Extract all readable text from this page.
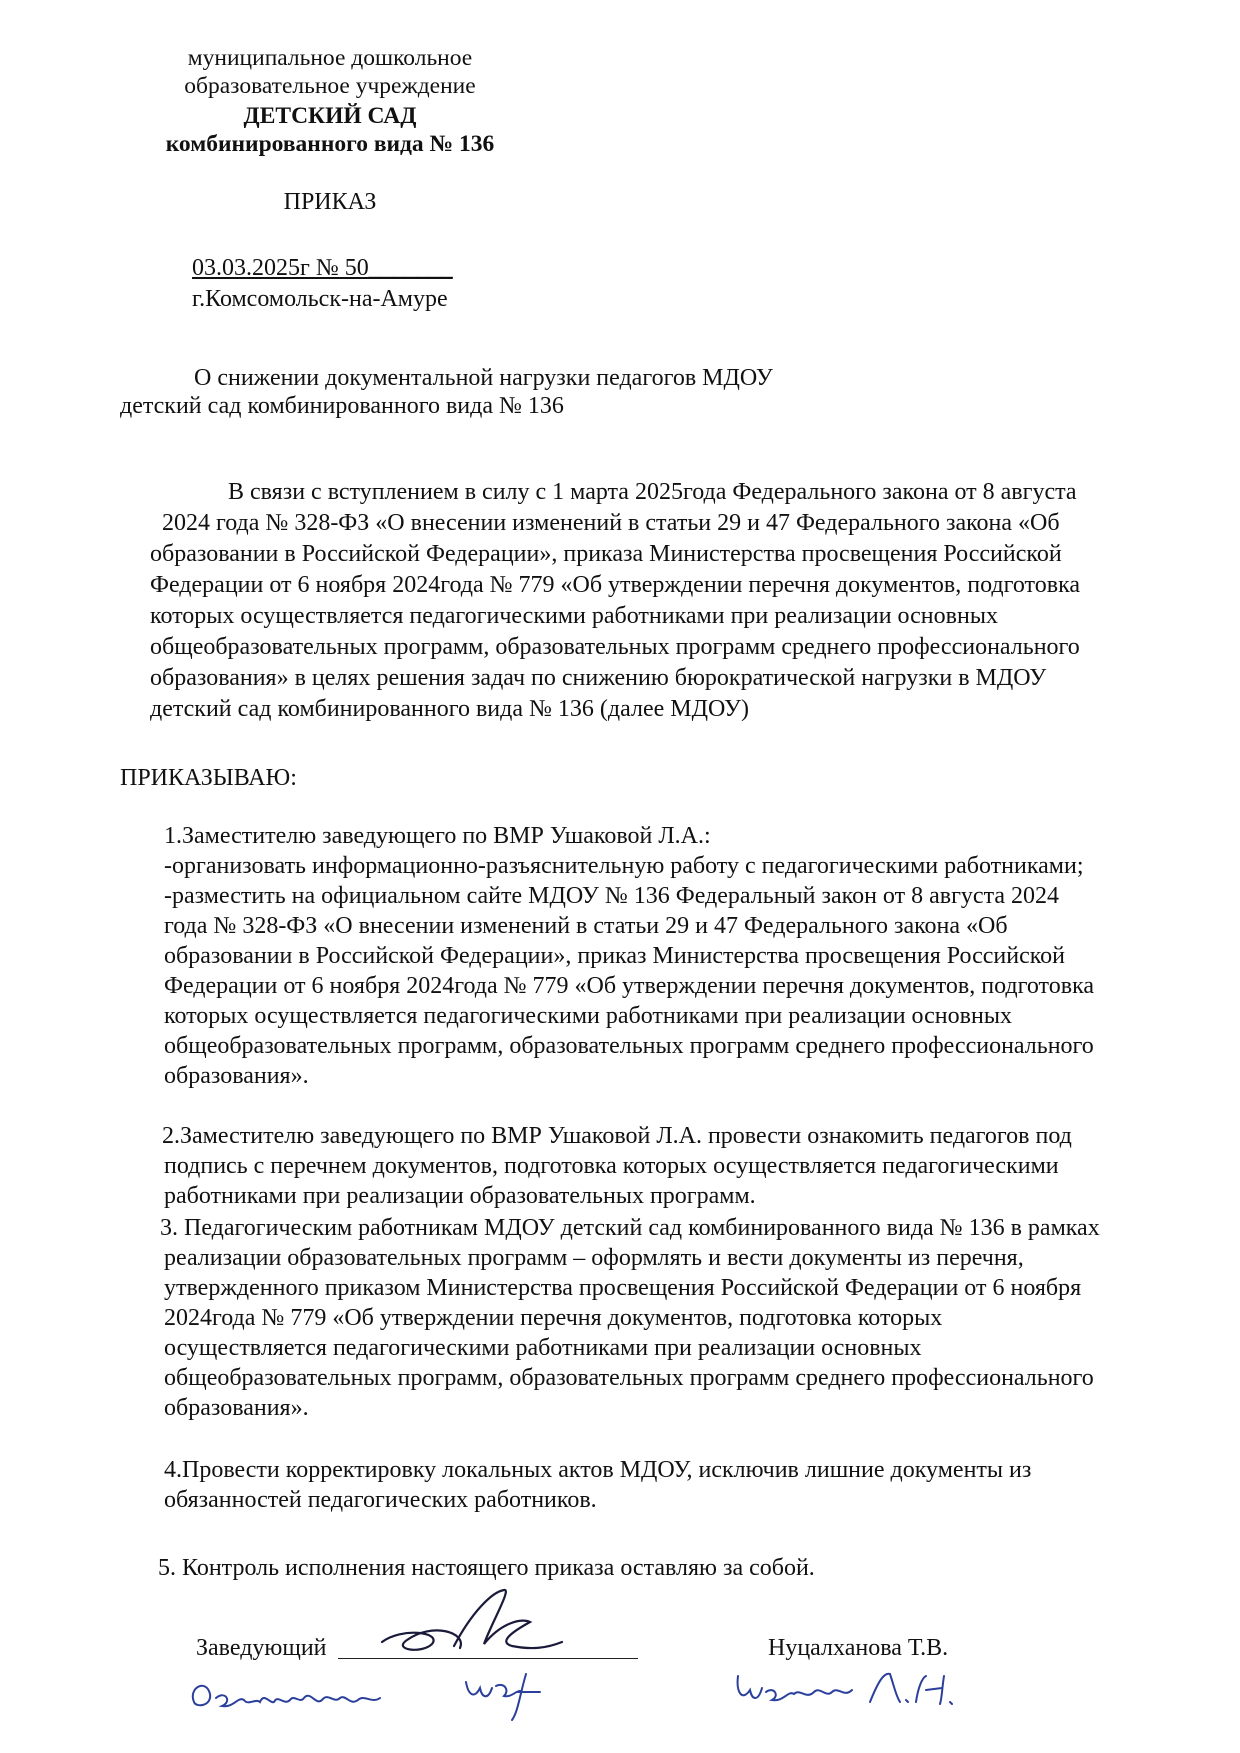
муниципальное дошкольное
образовательное учреждение
ДЕТСКИЙ САД
комбинированного вида № 136
ПРИКАЗ
03.03.2025г № 50_______
г.Комсомольск-на-Амуре
О снижении документальной нагрузки педагогов МДОУ
детский сад комбинированного вида № 136
В связи с вступлением в силу с 1 марта 2025года Федерального закона от 8 августа
2024 года № 328-ФЗ «О внесении изменений в статьи 29 и 47 Федерального закона «Об
образовании в Российской Федерации», приказа Министерства просвещения Российской
Федерации от 6 ноября 2024года № 779 «Об утверждении перечня документов, подготовка
которых осуществляется педагогическими работниками при реализации основных
общеобразовательных программ, образовательных программ среднего профессионального
образования» в целях решения задач по снижению бюрократической нагрузки в МДОУ
детский сад комбинированного вида № 136 (далее МДОУ)
ПРИКАЗЫВАЮ:
1.Заместителю заведующего по ВМР Ушаковой Л.А.:
-организовать информационно-разъяснительную работу с педагогическими работниками;
-разместить на официальном сайте МДОУ № 136 Федеральный закон от 8 августа 2024
года № 328-ФЗ «О внесении изменений в статьи 29 и 47 Федерального закона «Об
образовании в Российской Федерации», приказ Министерства просвещения Российской
Федерации от 6 ноября 2024года № 779 «Об утверждении перечня документов, подготовка
которых осуществляется педагогическими работниками при реализации основных
общеобразовательных программ, образовательных программ среднего профессионального
образования».
2.Заместителю заведующего по ВМР Ушаковой Л.А. провести ознакомить педагогов под
подпись с перечнем документов, подготовка которых осуществляется педагогическими
работниками при реализации образовательных программ.
3. Педагогическим работникам МДОУ детский сад комбинированного вида № 136 в рамках
реализации образовательных программ – оформлять и вести документы из перечня,
утвержденного приказом Министерства просвещения Российской Федерации от 6 ноября
2024года № 779 «Об утверждении перечня документов, подготовка которых
осуществляется педагогическими работниками при реализации основных
общеобразовательных программ, образовательных программ среднего профессионального
образования».
4.Провести корректировку локальных актов МДОУ, исключив лишние документы из
обязанностей педагогических работников.
5. Контроль исполнения настоящего приказа оставляю за собой.
Заведующий	Нуцалханова Т.В.
